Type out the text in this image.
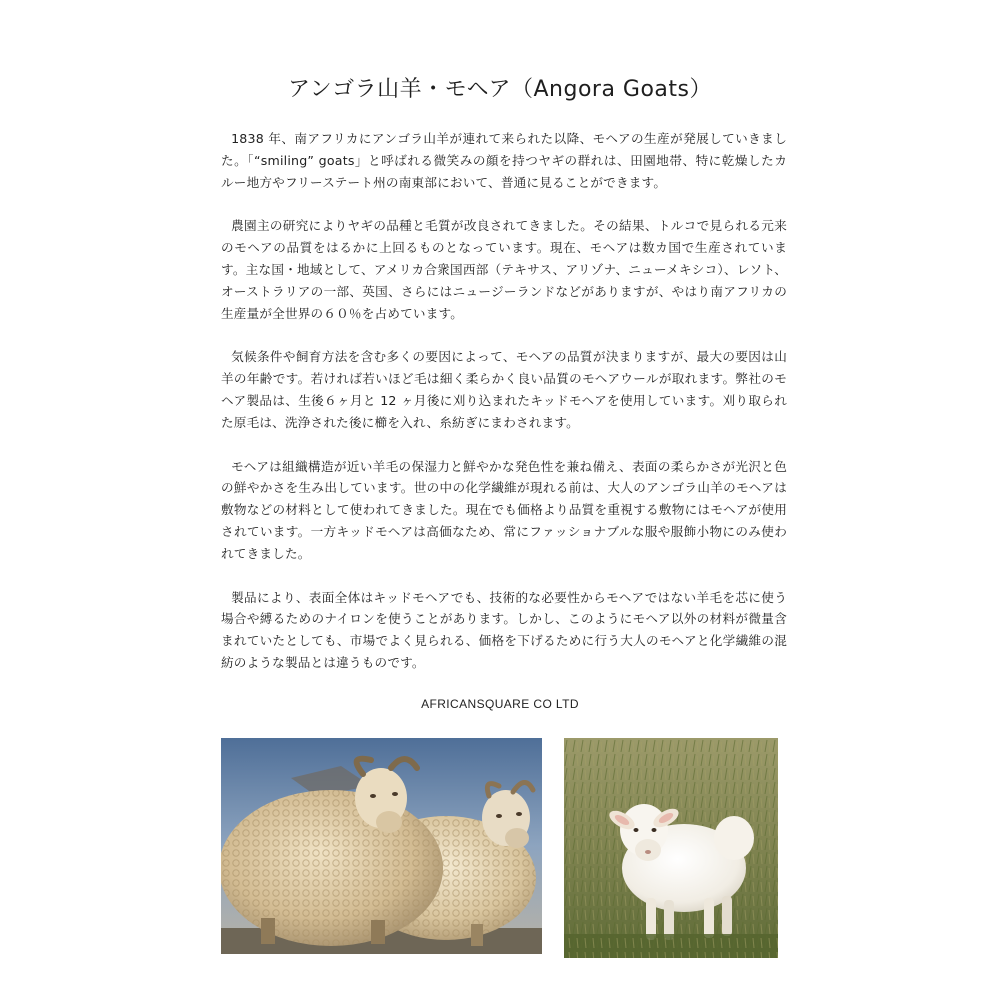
アンゴラ山羊・モヘア（Angora Goats）

1838 年、南アフリカにアンゴラ山羊が連れて来られた以降、モヘアの生産が発展していきました。「“smiling” goats」と呼ばれる微笑みの顔を持つヤギの群れは、田園地帯、特に乾燥したカルー地方やフリーステート州の南東部において、普通に見ることができます。

農園主の研究によりヤギの品種と毛質が改良されてきました。その結果、トルコで見られる元来のモヘアの品質をはるかに上回るものとなっています。現在、モヘアは数カ国で生産されています。主な国・地域として、アメリカ合衆国西部（テキサス、アリゾナ、ニューメキシコ）、レソト、オーストラリアの一部、英国、さらにはニュージーランドなどがありますが、やはり南アフリカの生産量が全世界の６０％を占めています。

気候条件や飼育方法を含む多くの要因によって、モヘアの品質が決まりますが、最大の要因は山羊の年齢です。若ければ若いほど毛は細く柔らかく良い品質のモヘアウールが取れます。弊社のモヘア製品は、生後６ヶ月と 12 ヶ月後に刈り込まれたキッドモヘアを使用しています。刈り取られた原毛は、洗浄された後に櫛を入れ、糸紡ぎにまわされます。

モヘアは組織構造が近い羊毛の保湿力と鮮やかな発色性を兼ね備え、表面の柔らかさが光沢と色の鮮やかさを生み出しています。世の中の化学繊維が現れる前は、大人のアンゴラ山羊のモヘアは敷物などの材料として使われてきました。現在でも価格より品質を重視する敷物にはモヘアが使用されています。一方キッドモヘアは高価なため、常にファッショナブルな服や服飾小物にのみ使われてきました。

製品により、表面全体はキッドモヘアでも、技術的な必要性からモヘアではない羊毛を芯に使う場合や縛るためのナイロンを使うことがあります。しかし、このようにモヘア以外の材料が微量含まれていたとしても、市場でよく見られる、価格を下げるために行う大人のモヘアと化学繊維の混紡のような製品とは違うものです。

AFRICANSQUARE CO LTD
